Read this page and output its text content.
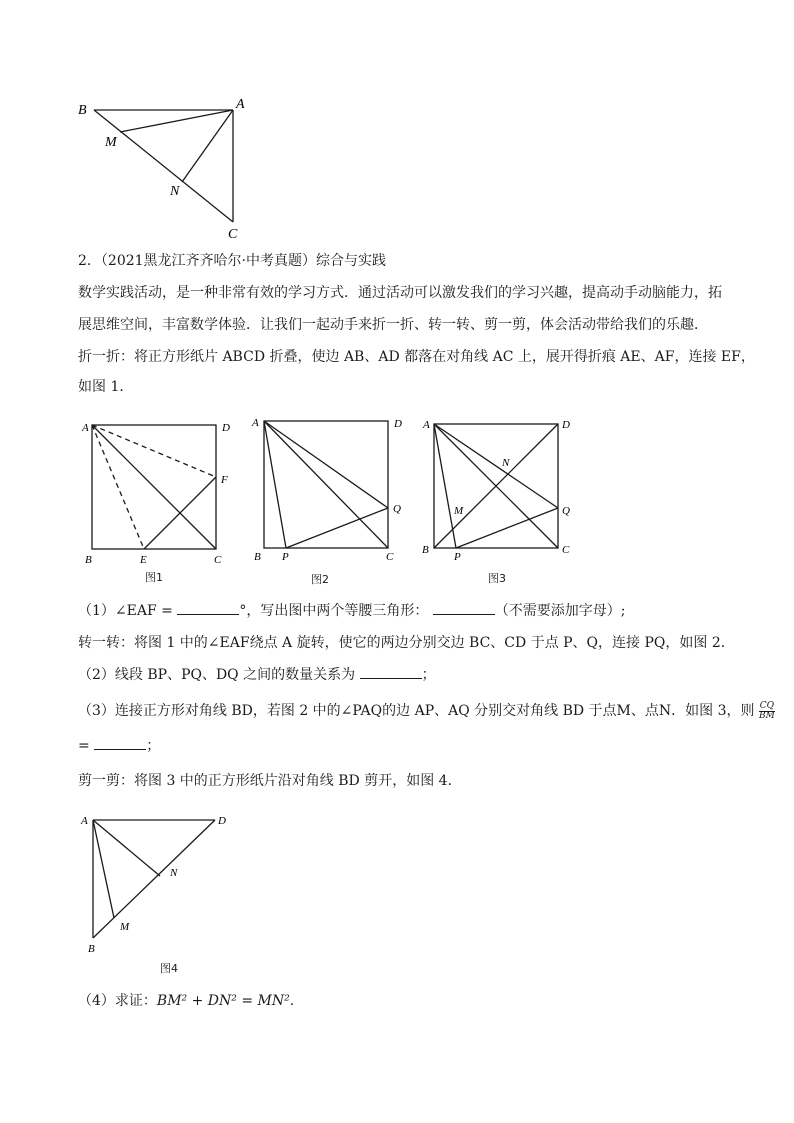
B	A
M
N
C

2．（2021黑龙江齐齐哈尔·中考真题）综合与实践

数学实践活动，是一种非常有效的学习方式．通过活动可以激发我们的学习兴趣，提高动手动脑能力，拓

展思维空间，丰富数学体验．让我们一起动手来折一折、转一转、剪一剪，体会活动带给我们的乐趣．

折一折：将正方形纸片 ABCD 折叠，使边 AB、AD 都落在对角线 AC 上，展开得折痕 AE、AF，连接 EF，

如图 1．

A	D
F
B	E	C
图1
A	D
Q
B P	C
图2
A	D
N
M	Q
B
P
C
图3

（1）∠EAF =	°，写出图中两个等腰三角形：	（不需要添加字母）;

转一转：将图 1 中的∠EAF绕点 A 旋转，使它的两边分别交边 BC、CD 于点 P、Q，连接 PQ，如图 2．

（2）线段 BP、PQ、DQ 之间的数量关系为	；

（3）连接正方形对角线 BD，若图 2 中的∠PAQ的边 AP、AQ 分别交对角线 BD 于点M、点N．如图 3，则 $\frac{CQ}{BM}$

=	；

剪一剪：将图 3 中的正方形纸片沿对角线 BD 剪开，如图 4．

A	D
N
M
B
图4

（4）求证：BM² + DN² = MN².
